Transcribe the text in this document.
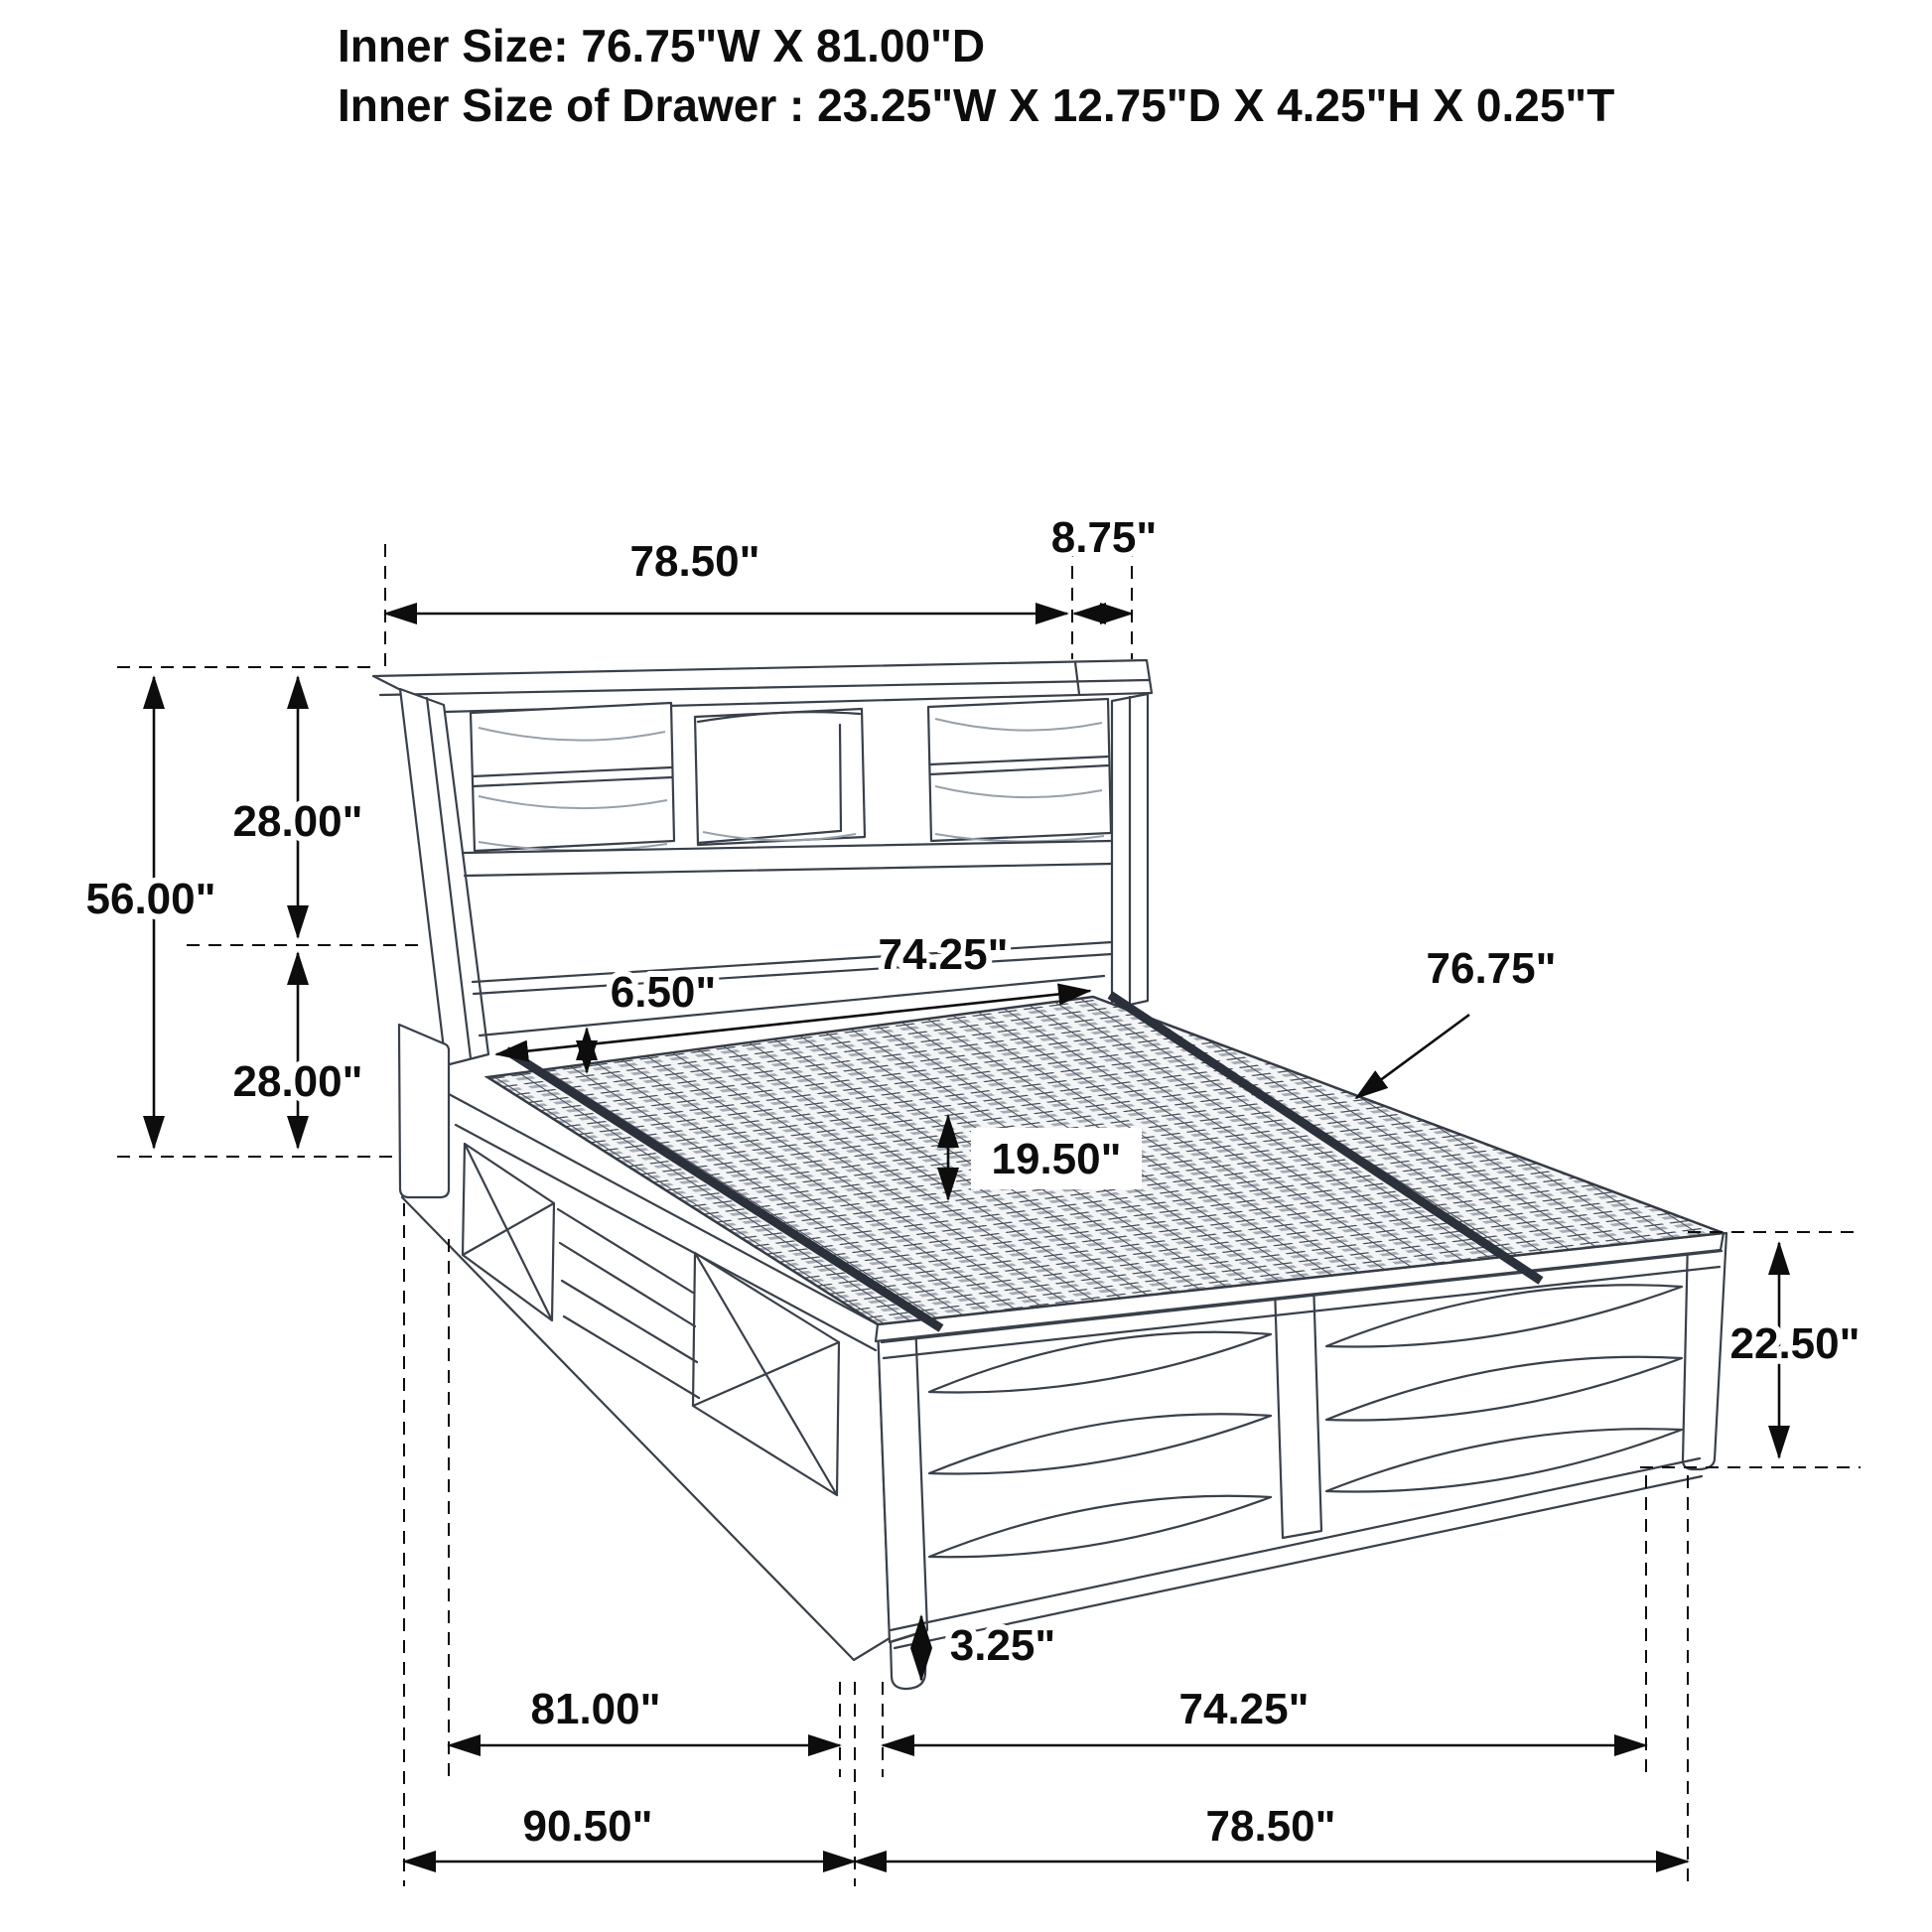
78.50"	8.75"
56.00"
28.00"
28.00"
6.50"
74.25"	76.75"
19.50"
22.50"
3.25"
81.00"	74.25"
90.50"	78.50"
Inner Size: 76.75"W X 81.00"D
Inner Size of Drawer : 23.25"W X 12.75"D X 4.25"H X 0.25"T
